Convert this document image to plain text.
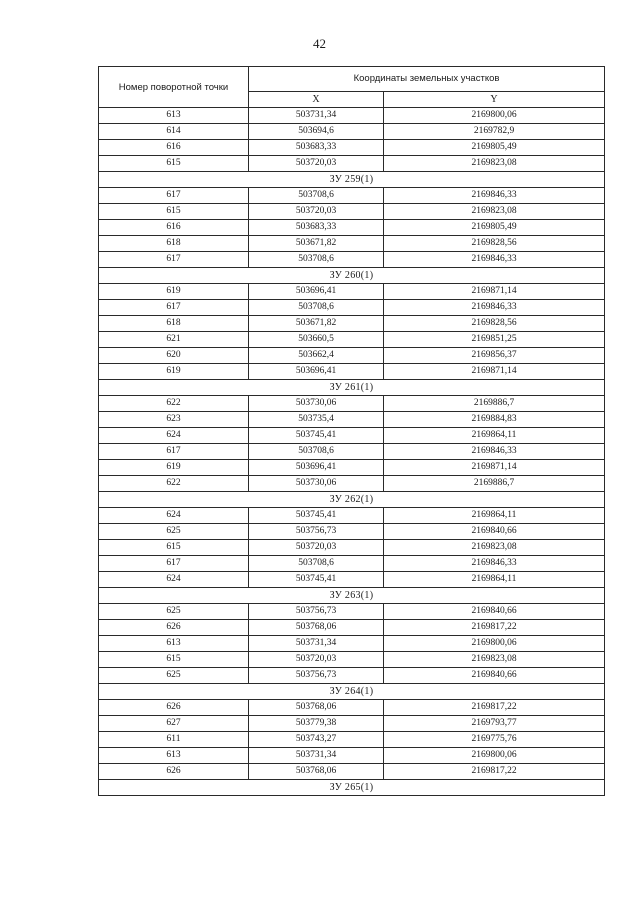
42
Номер поворотной точки	Координаты земельных участков	
	X	Y
613	503731,34	2169800,06
614	503694,6	2169782,9
616	503683,33	2169805,49
615	503720,03	2169823,08
ЗУ 259(1)		
617	503708,6	2169846,33
615	503720,03	2169823,08
616	503683,33	2169805,49
618	503671,82	2169828,56
617	503708,6	2169846,33
ЗУ 260(1)		
619	503696,41	2169871,14
617	503708,6	2169846,33
618	503671,82	2169828,56
621	503660,5	2169851,25
620	503662,4	2169856,37
619	503696,41	2169871,14
ЗУ 261(1)		
622	503730,06	2169886,7
623	503735,4	2169884,83
624	503745,41	2169864,11
617	503708,6	2169846,33
619	503696,41	2169871,14
622	503730,06	2169886,7
ЗУ 262(1)		
624	503745,41	2169864,11
625	503756,73	2169840,66
615	503720,03	2169823,08
617	503708,6	2169846,33
624	503745,41	2169864,11
ЗУ 263(1)		
625	503756,73	2169840,66
626	503768,06	2169817,22
613	503731,34	2169800,06
615	503720,03	2169823,08
625	503756,73	2169840,66
ЗУ 264(1)		
626	503768,06	2169817,22
627	503779,38	2169793,77
611	503743,27	2169775,76
613	503731,34	2169800,06
626	503768,06	2169817,22
ЗУ 265(1)		
